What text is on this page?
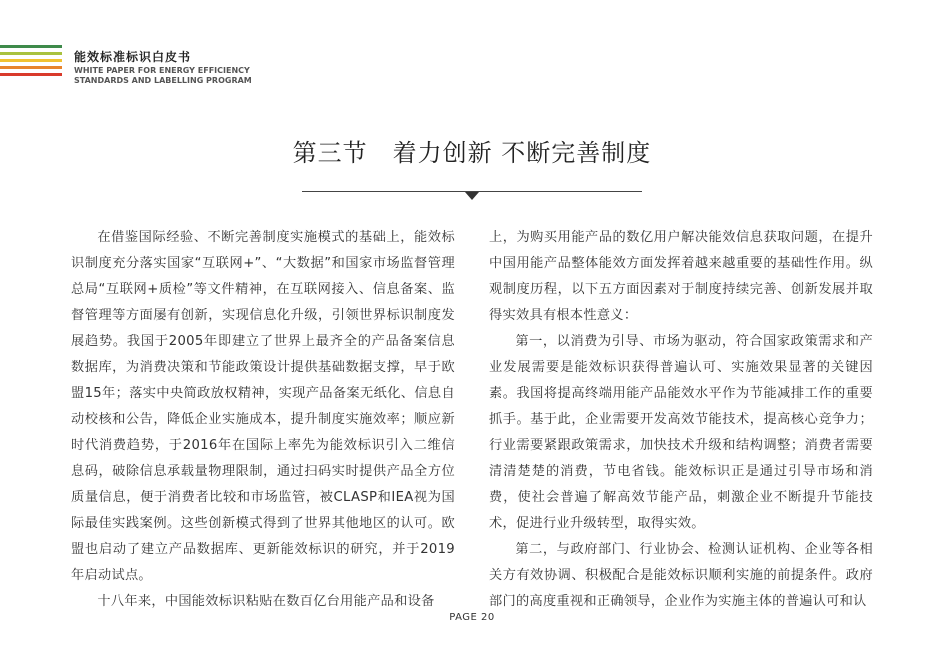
能效标准标识白皮书
WHITE PAPER FOR ENERGY EFFICIENCY
STANDARDS AND LABELLING PROGRAM
第三节　着力创新 不断完善制度

在借鉴国际经验、不断完善制度实施模式的基础上，能效标识制度充分落实国家“互联网+”、“大数据”和国家市场监督管理总局“互联网+质检”等文件精神，在互联网接入、信息备案、监督管理等方面屡有创新，实现信息化升级，引领世界标识制度发展趋势。我国于2005年即建立了世界上最齐全的产品备案信息数据库，为消费决策和节能政策设计提供基础数据支撑，早于欧盟15年；落实中央简政放权精神，实现产品备案无纸化、信息自动校核和公告，降低企业实施成本，提升制度实施效率；顺应新时代消费趋势，于2016年在国际上率先为能效标识引入二维信息码，破除信息承载量物理限制，通过扫码实时提供产品全方位质量信息，便于消费者比较和市场监管，被CLASP和IEA视为国际最佳实践案例。这些创新模式得到了世界其他地区的认可。欧盟也启动了建立产品数据库、更新能效标识的研究，并于2019年启动试点。

十八年来，中国能效标识粘贴在数百亿台用能产品和设备

上，为购买用能产品的数亿用户解决能效信息获取问题，在提升中国用能产品整体能效方面发挥着越来越重要的基础性作用。纵观制度历程，以下五方面因素对于制度持续完善、创新发展并取得实效具有根本性意义：

第一，以消费为引导、市场为驱动，符合国家政策需求和产业发展需要是能效标识获得普遍认可、实施效果显著的关键因素。我国将提高终端用能产品能效水平作为节能减排工作的重要抓手。基于此，企业需要开发高效节能技术，提高核心竞争力；行业需要紧跟政策需求，加快技术升级和结构调整；消费者需要清清楚楚的消费，节电省钱。能效标识正是通过引导市场和消费，使社会普遍了解高效节能产品，刺激企业不断提升节能技术，促进行业升级转型，取得实效。

第二，与政府部门、行业协会、检测认证机构、企业等各相关方有效协调、积极配合是能效标识顺利实施的前提条件。政府部门的高度重视和正确领导，企业作为实施主体的普遍认可和认

PAGE 20
